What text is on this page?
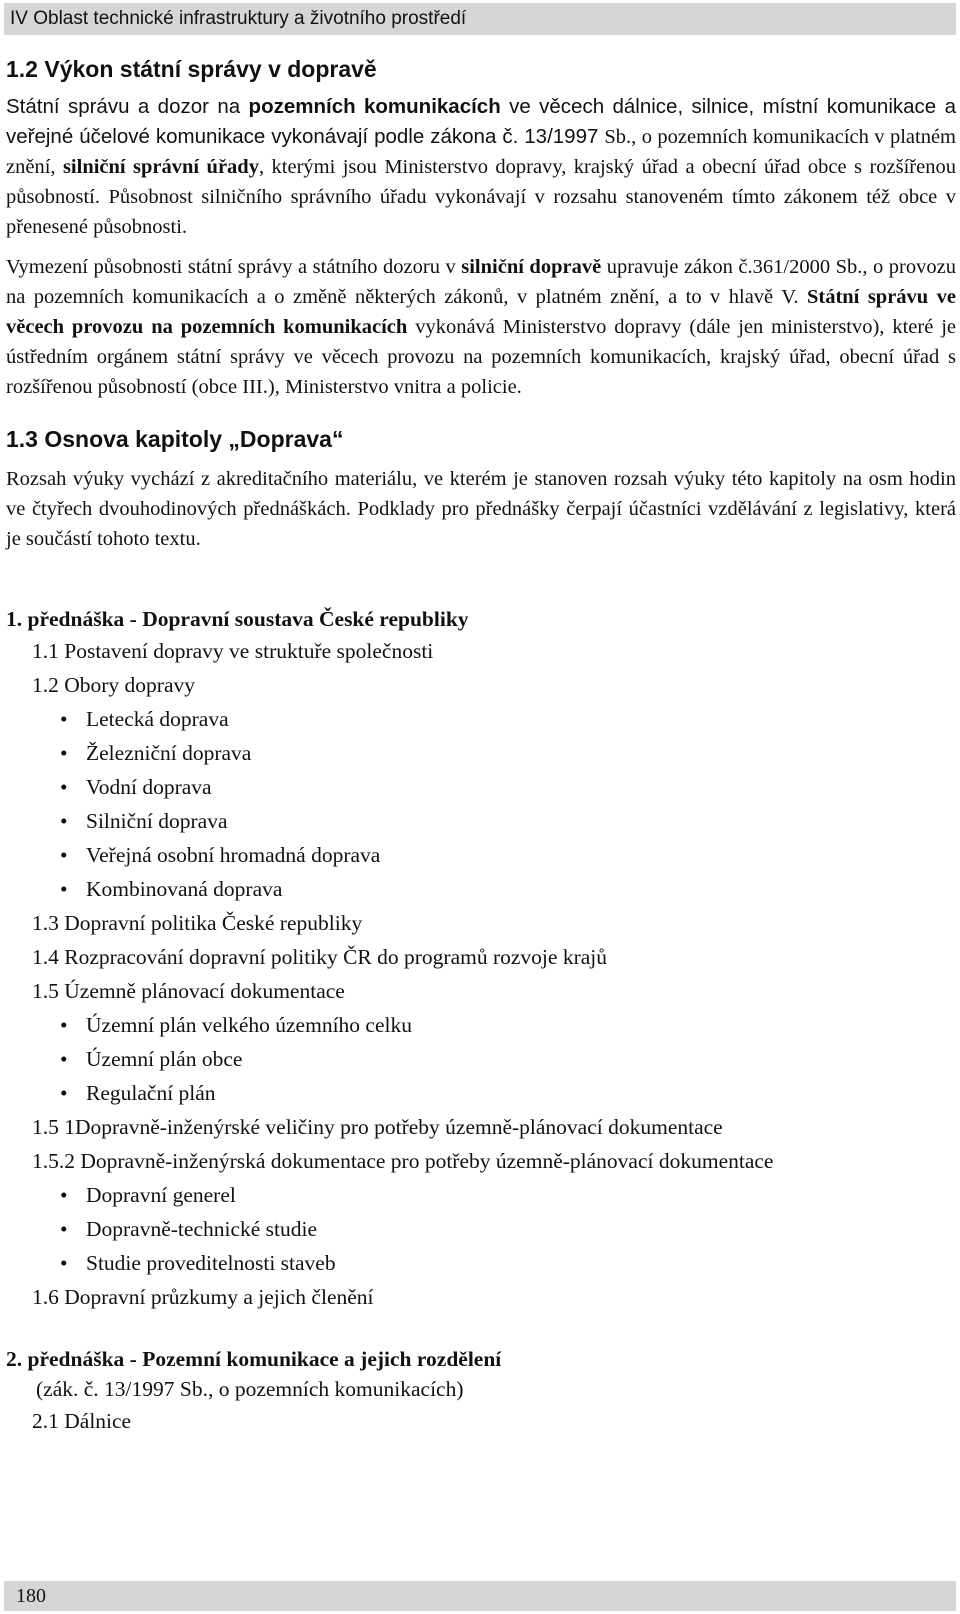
IV Oblast technické infrastruktury a životního prostředí
1.2 Výkon státní správy v dopravě

Státní správu a dozor na pozemních komunikacích ve věcech dálnice, silnice, místní komunikace a veřejné účelové komunikace vykonávají podle zákona č. 13/1997 Sb., o pozemních komunikacích v platném znění, silniční správní úřady, kterými jsou Ministerstvo dopravy, krajský úřad a obecní úřad obce s rozšířenou působností. Působnost silničního správního úřadu vykonávají v rozsahu stanoveném tímto zákonem též obce v přenesené působnosti.

Vymezení působnosti státní správy a státního dozoru v silniční dopravě upravuje zákon č.361/2000 Sb., o provozu na pozemních komunikacích a o změně některých zákonů, v platném znění, a to v hlavě V. Státní správu ve věcech provozu na pozemních komunikacích vykonává Ministerstvo dopravy (dále jen ministerstvo), které je ústředním orgánem státní správy ve věcech provozu na pozemních komunikacích, krajský úřad, obecní úřad s rozšířenou působností (obce III.), Ministerstvo vnitra a policie.

1.3 Osnova kapitoly „Doprava“

Rozsah výuky vychází z akreditačního materiálu, ve kterém je stanoven rozsah výuky této kapitoly na osm hodin ve čtyřech dvouhodinových přednáškách. Podklady pro přednášky čerpají účastníci vzdělávání z legislativy, která je součástí tohoto textu.

1. přednáška - Dopravní soustava České republiky
1.1 Postavení dopravy ve struktuře společnosti
1.2 Obory dopravy
• Letecká doprava
• Železniční doprava
• Vodní doprava
• Silniční doprava
• Veřejná osobní hromadná doprava
• Kombinovaná doprava
1.3 Dopravní politika České republiky
1.4 Rozpracování dopravní politiky ČR do programů rozvoje krajů
1.5 Územně plánovací dokumentace
• Územní plán velkého územního celku
• Územní plán obce
• Regulační plán
1.5 1Dopravně-inženýrské veličiny pro potřeby územně-plánovací dokumentace
1.5.2 Dopravně-inženýrská dokumentace pro potřeby územně-plánovací dokumentace
• Dopravní generel
• Dopravně-technické studie
• Studie proveditelnosti staveb
1.6 Dopravní průzkumy a jejich členění
2. přednáška - Pozemní komunikace a jejich rozdělení
(zák. č. 13/1997 Sb., o pozemních komunikacích)
2.1 Dálnice
180
